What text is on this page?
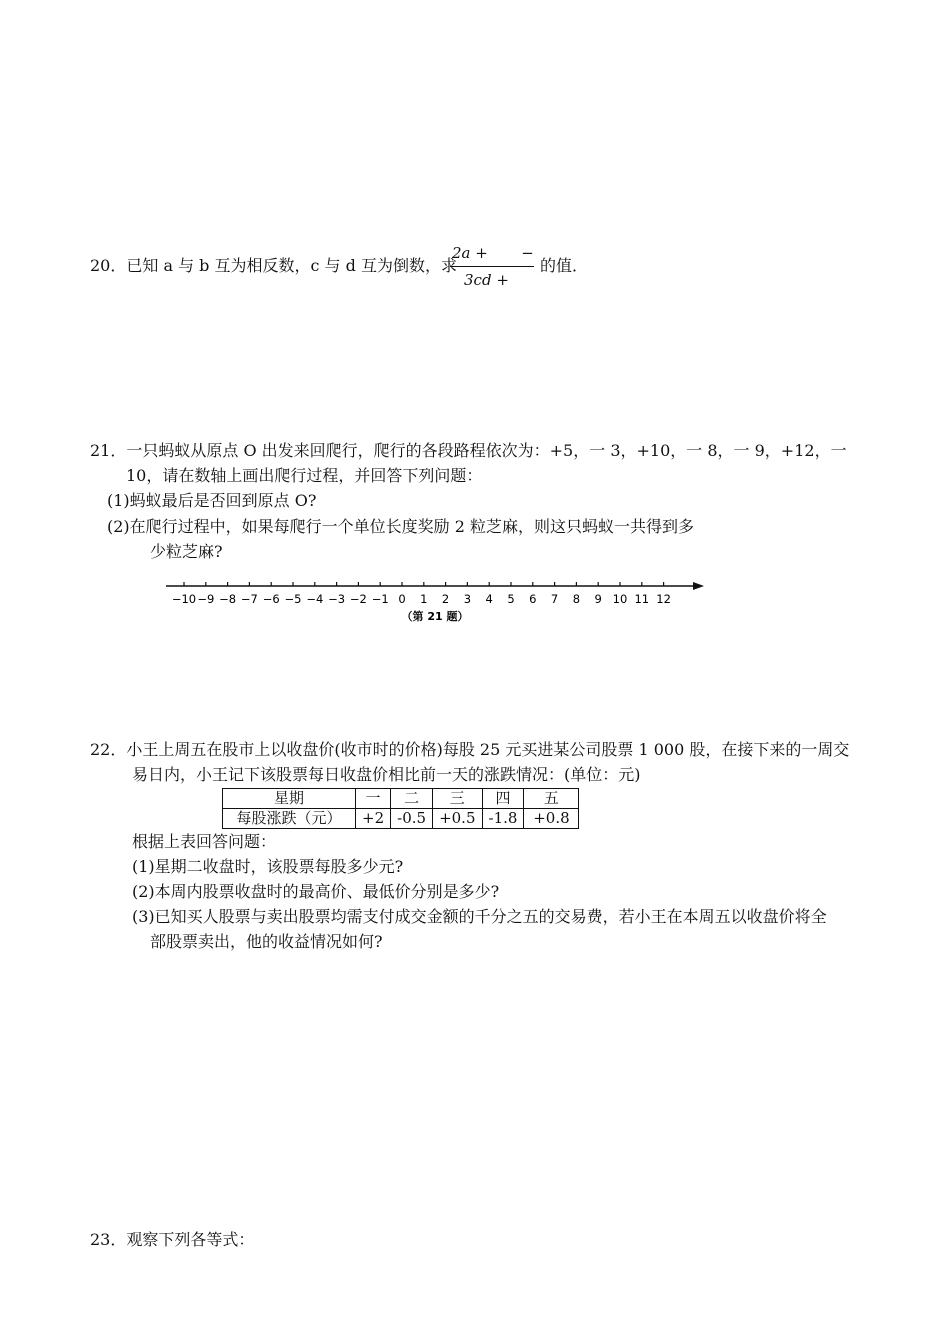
20．已知 a 与 b 互为相反数，c 与 d 互为倒数，求
2a +       −
3cd +
的值．
21．一只蚂蚁从原点 O 出发来回爬行，爬行的各段路程依次为：+5，一 3，+10，一 8，一 9，+12，一
10，请在数轴上画出爬行过程，并回答下列问题：
(1)蚂蚁最后是否回到原点 O?
(2)在爬行过程中，如果每爬行一个单位长度奖励 2 粒芝麻，则这只蚂蚁一共得到多
少粒芝麻?
−10 −9 −8 −7 −6 −5 −4 −3 −2 −1 0 1 2 3 4 5 6 7 8 9 10 11 12
（第 21 题）
22．小王上周五在股市上以收盘价(收市时的价格)每股 25 元买进某公司股票 1 000 股，在接下来的一周交
易日内，小王记下该股票每日收盘价相比前一天的涨跌情况：(单位：元)
星期	一	二	三	四	五
每股涨跌（元）	+2	-0.5	+0.5	-1.8	+0.8
根据上表回答问题：
(1)星期二收盘时，该股票每股多少元?
(2)本周内股票收盘时的最高价、最低价分别是多少?
(3)已知买人股票与卖出股票均需支付成交金额的千分之五的交易费，若小王在本周五以收盘价将全
部股票卖出，他的收益情况如何?
23．观察下列各等式：
